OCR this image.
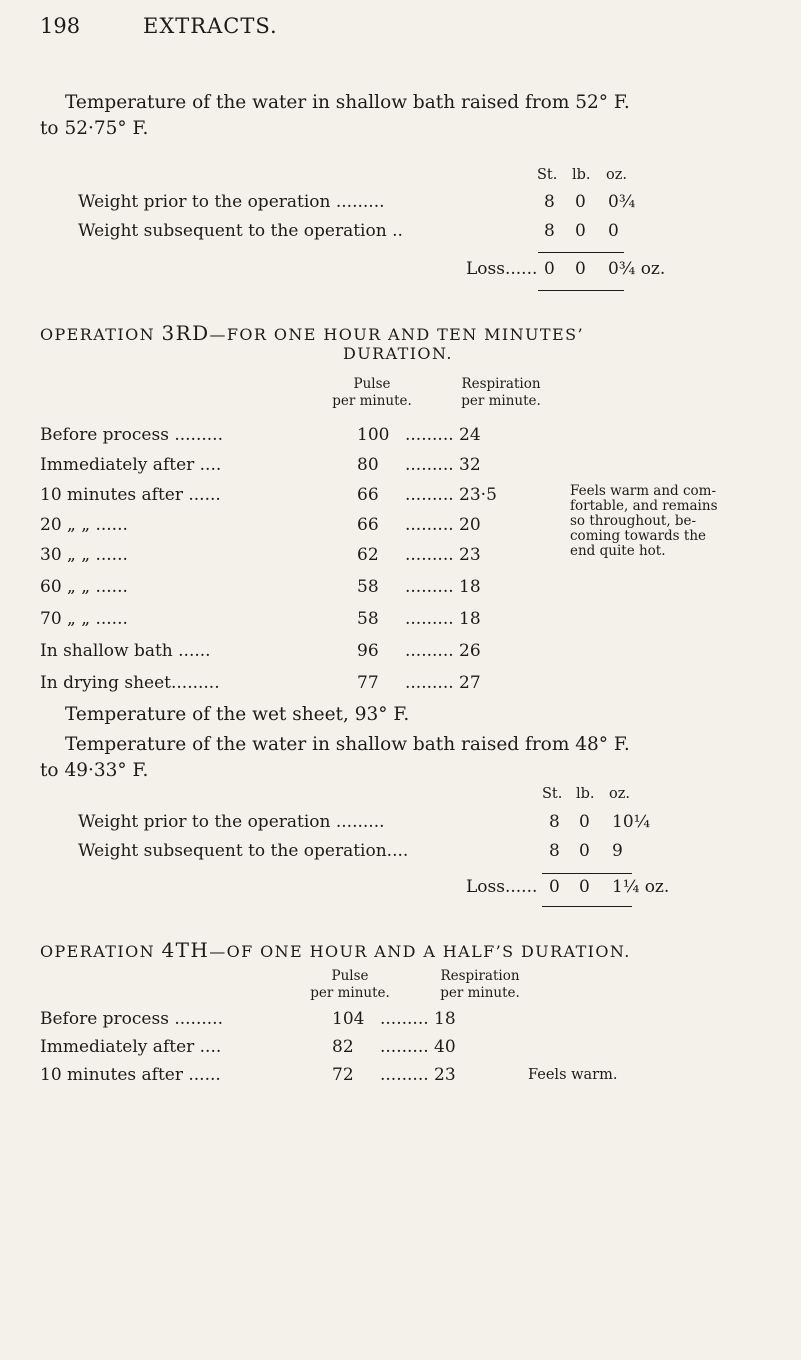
198	EXTRACTS.
Temperature of the water in shallow bath raised from 52° F.
to 52·75° F.
St. lb. oz.
Weight prior to the operation .........	8 0 0¾
Weight subsequent to the operation ..	8 0 0
Loss...... 0 0 0¾ oz.
OPERATION 3RD—FOR ONE HOUR AND TEN MINUTES’
DURATION.
Pulse
per minute.
Respiration
per minute.
Before process .........	100 ......... 24
Immediately after ....	80 ......... 32
10 minutes after ......	66 ......... 23·5
20 „ „ ......	66 ......... 20
30 „ „ ......	62 ......... 23
60 „ „ ......	58 ......... 18
70 „ „ ......	58 ......... 18
In shallow bath ......	96 ......... 26
In drying sheet.........	77 ......... 27
Feels warm and com-
fortable, and remains
so throughout, be-
coming towards the
end quite hot.
Temperature of the wet sheet, 93° F.
Temperature of the water in shallow bath raised from 48° F.
to 49·33° F.
St. lb. oz.
Weight prior to the operation .........	8 0 10¼
Weight subsequent to the operation....	8 0 9
Loss...... 0 0 1¼ oz.
OPERATION 4TH—OF ONE HOUR AND A HALF’S DURATION.
Pulse
per minute.
Respiration
per minute.
Before process .........	104 ......... 18
Immediately after ....	82 ......... 40
10 minutes after ......	72 ......... 23	Feels warm.
